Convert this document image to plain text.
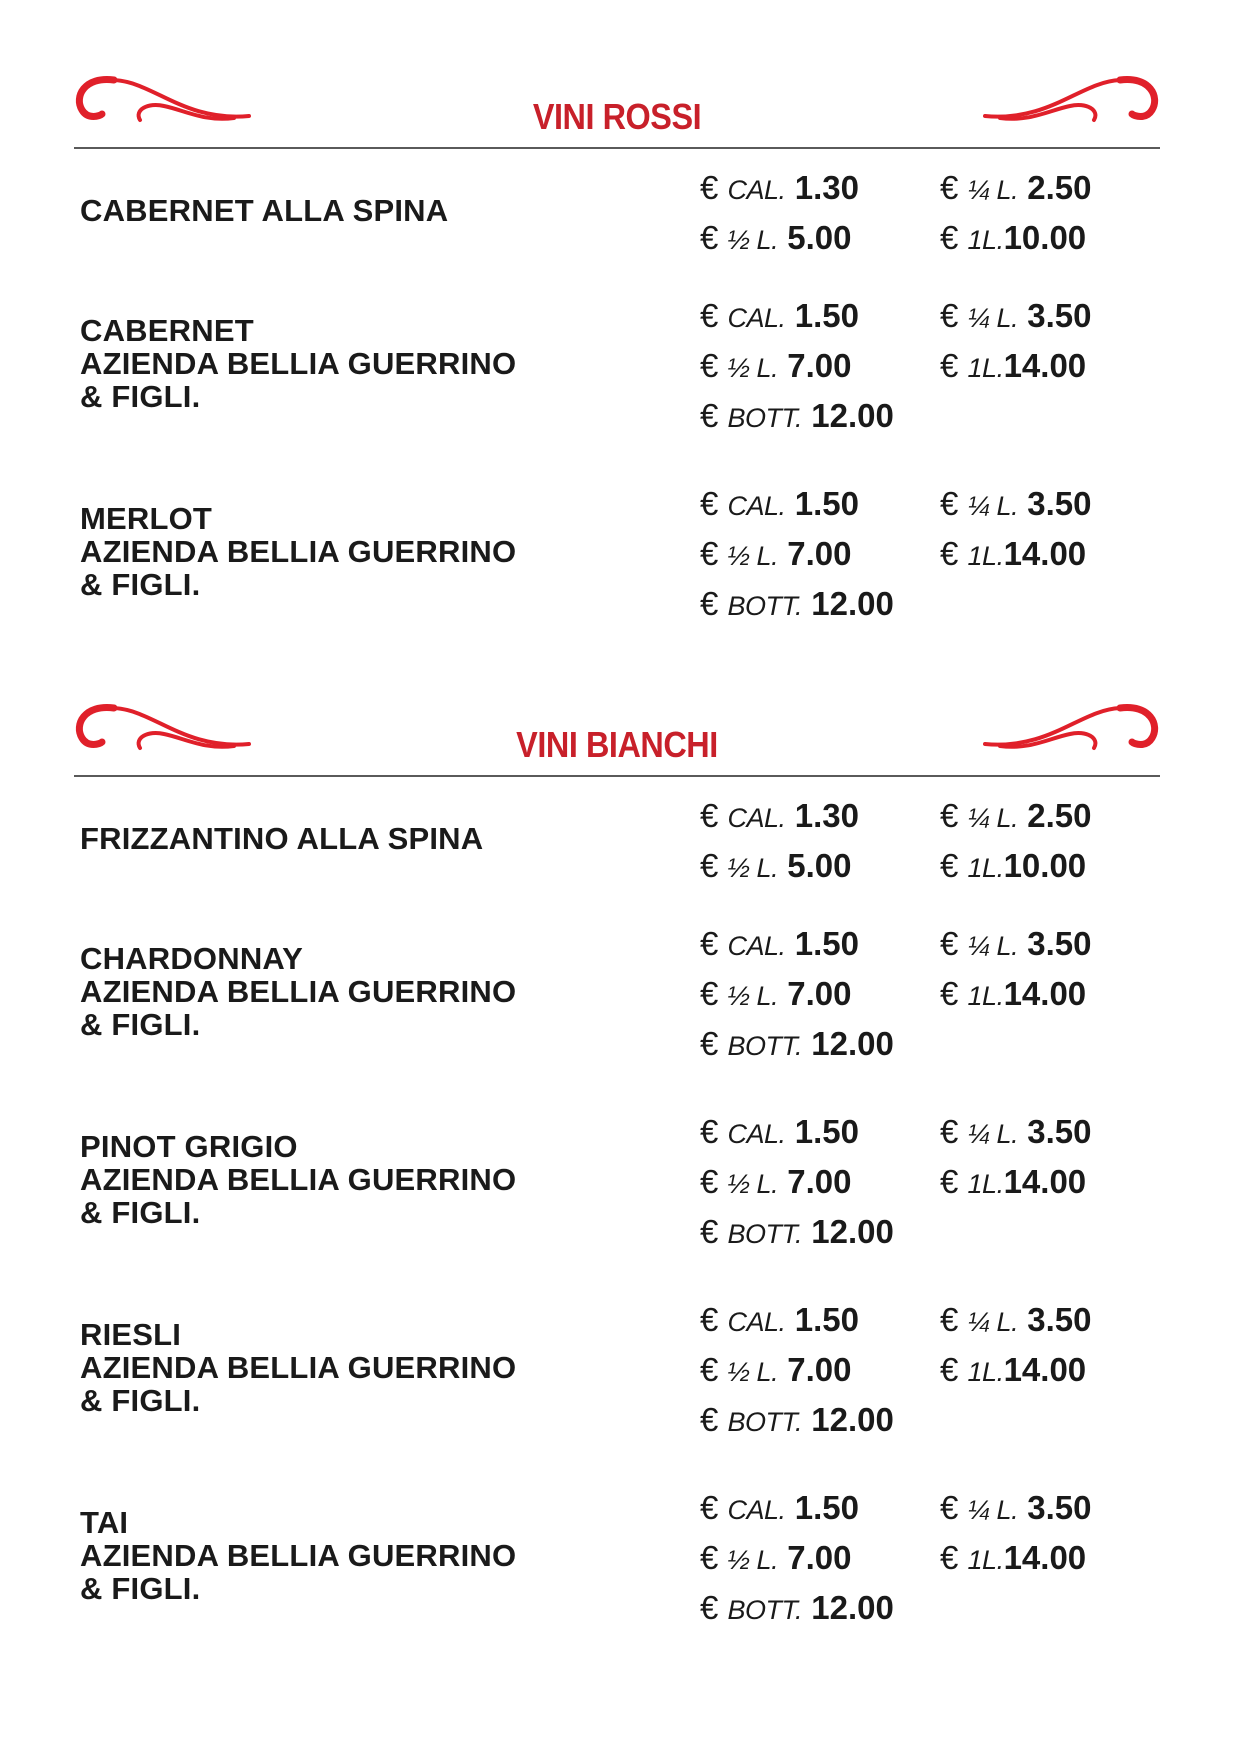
VINI ROSSI
CABERNET ALLA SPINA
€ CAL. 1.30 € ¼ L. 2.50
€ ½ L. 5.00	€ 1L.10.00
CABERNET
AZIENDA BELLIA GUERRINO
& FIGLI.
€ CAL. 1.50 € ¼ L. 3.50
€ ½ L. 7.00	€ 1L.14.00
€ BOTT. 12.00
MERLOT
AZIENDA BELLIA GUERRINO
& FIGLI.
€ CAL. 1.50 € ¼ L. 3.50
€ ½ L. 7.00	€ 1L.14.00
€ BOTT. 12.00
VINI BIANCHI
FRIZZANTINO ALLA SPINA
€ CAL. 1.30 € ¼ L. 2.50
€ ½ L. 5.00	€ 1L.10.00
CHARDONNAY
AZIENDA BELLIA GUERRINO
& FIGLI.
€ CAL. 1.50 € ¼ L. 3.50
€ ½ L. 7.00	€ 1L.14.00
€ BOTT. 12.00
PINOT GRIGIO
AZIENDA BELLIA GUERRINO
& FIGLI.
€ CAL. 1.50 € ¼ L. 3.50
€ ½ L. 7.00	€ 1L.14.00
€ BOTT. 12.00
RIESLI
AZIENDA BELLIA GUERRINO
& FIGLI.
€ CAL. 1.50 € ¼ L. 3.50
€ ½ L. 7.00	€ 1L.14.00
€ BOTT. 12.00
TAI
AZIENDA BELLIA GUERRINO
& FIGLI.
€ CAL. 1.50 € ¼ L. 3.50
€ ½ L. 7.00	€ 1L.14.00
€ BOTT. 12.00
